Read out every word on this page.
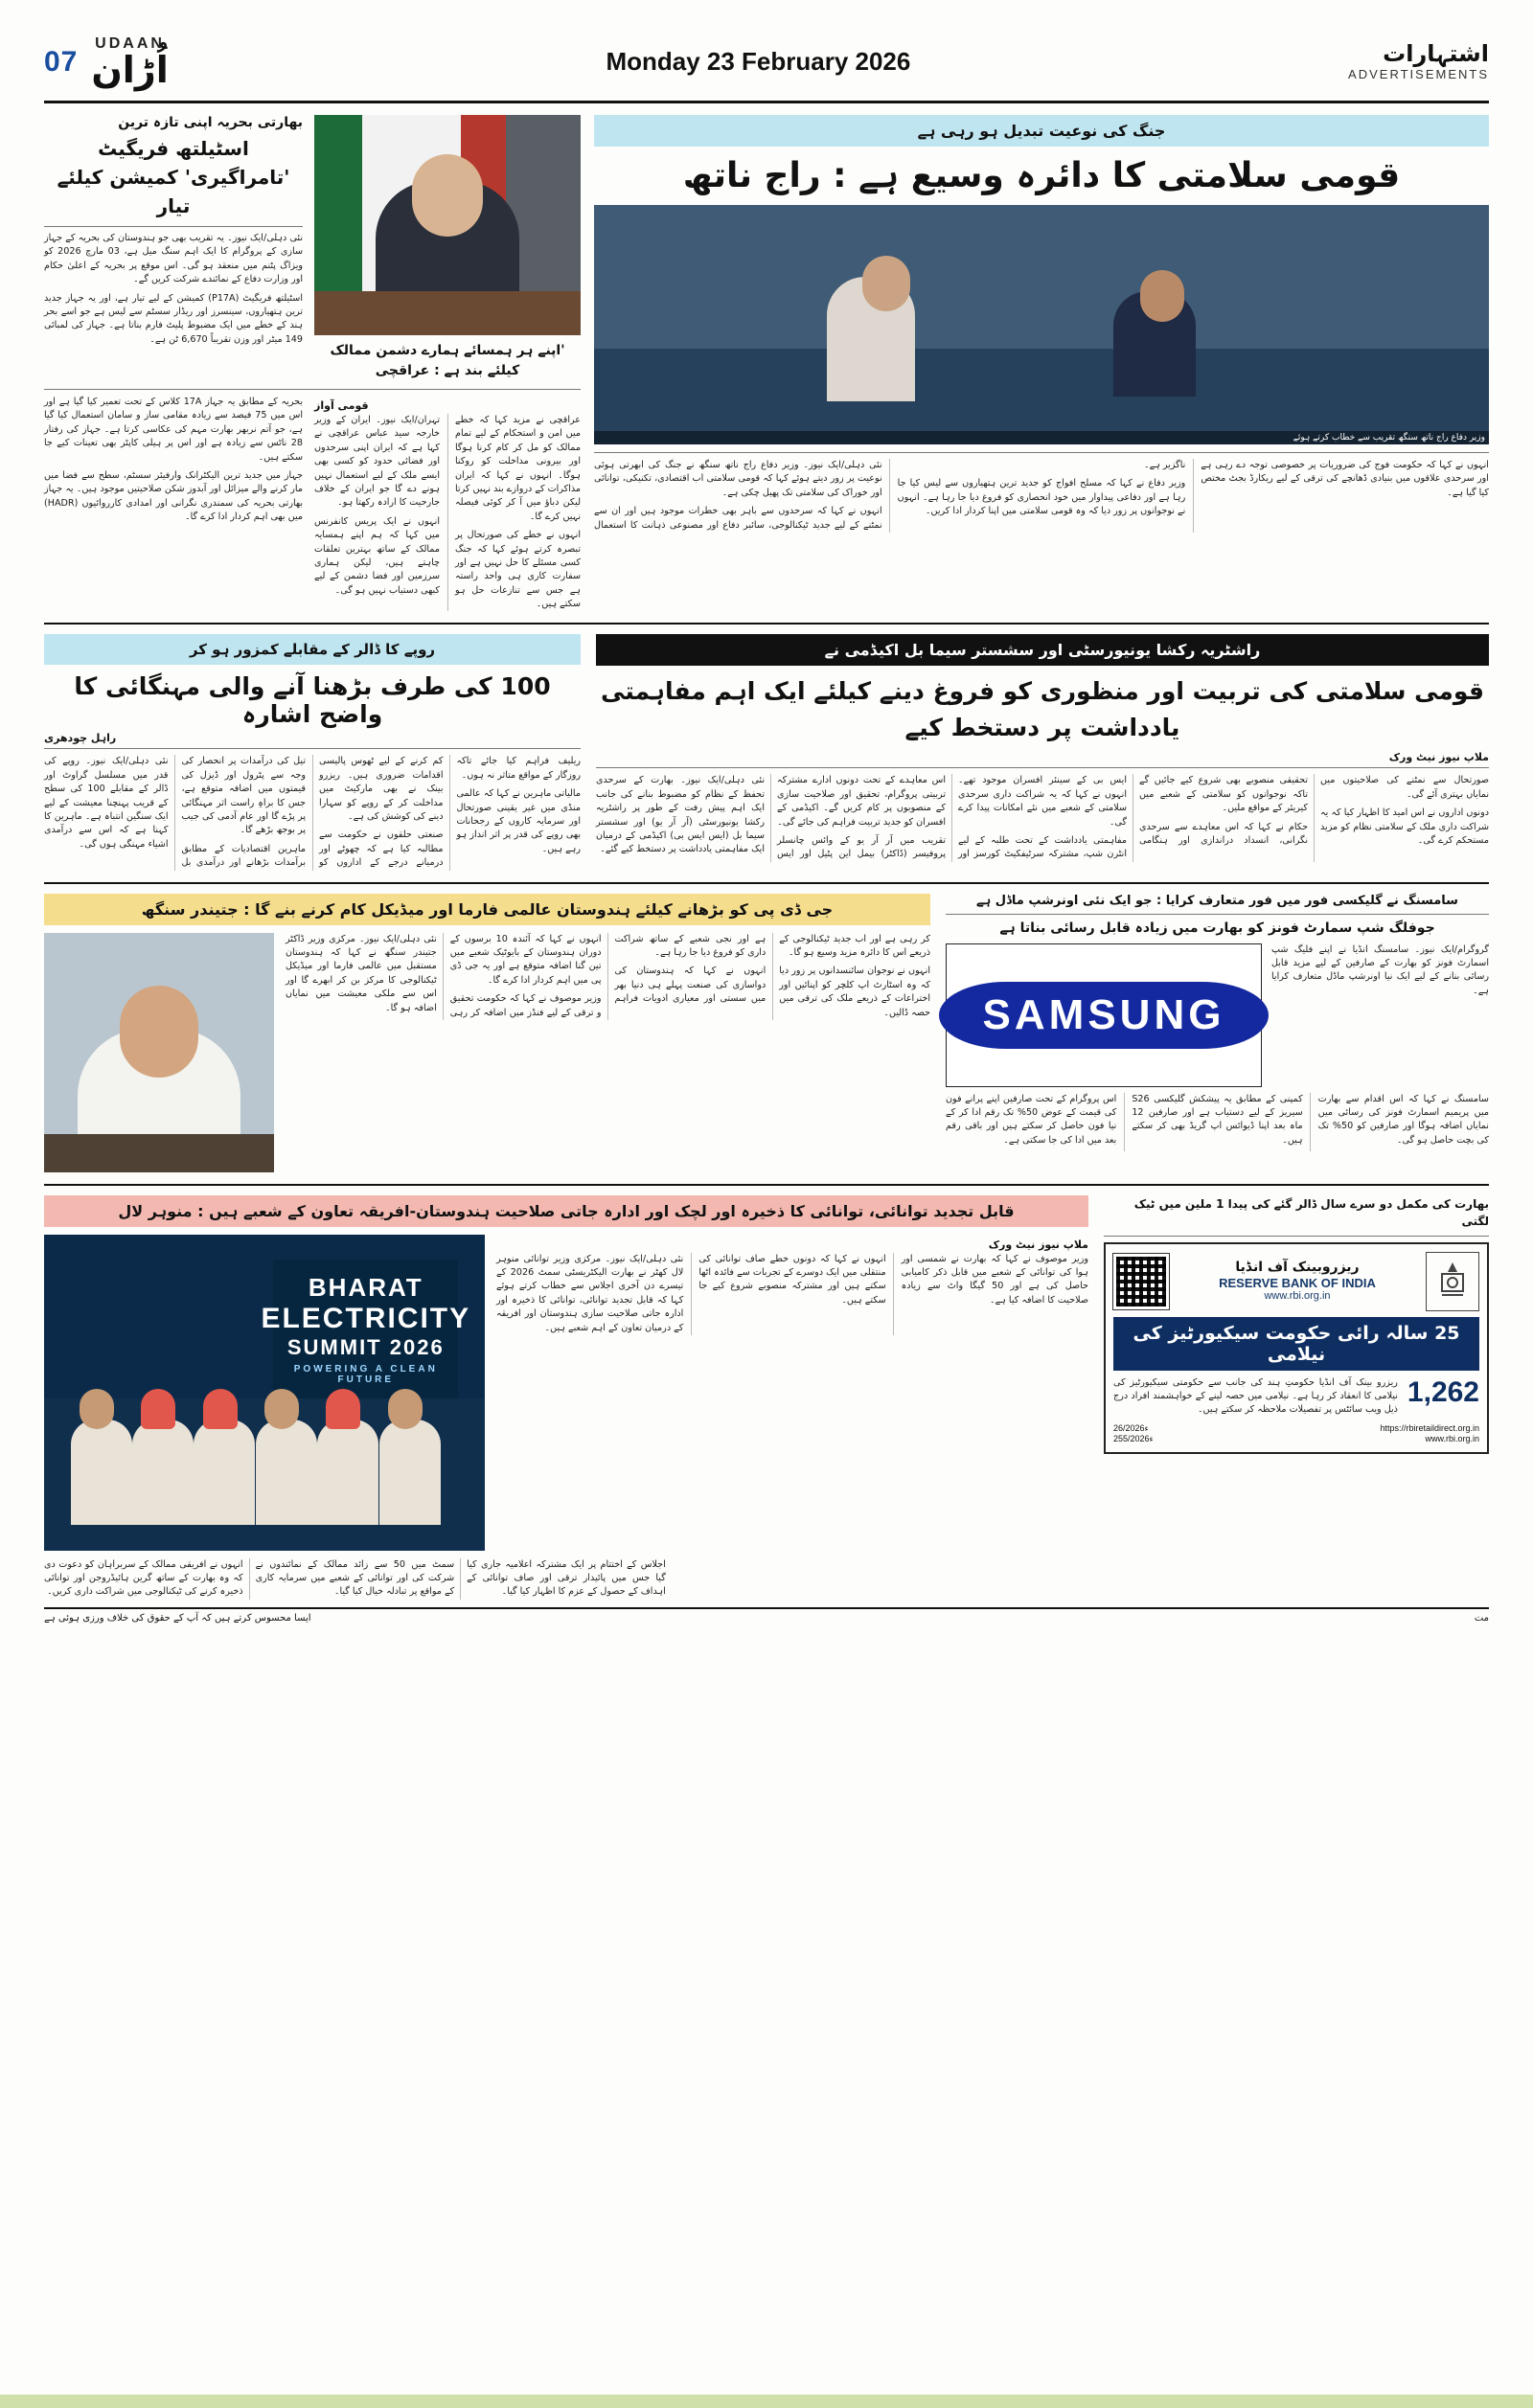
07
UDAAN
اُڑان	Monday 23 February 2026	اشتہارات
ADVERTISEMENTS
بھارتی بحریہ اپنی تازہ ترین
اسٹیلتھ فریگیٹ 'تامراگیری' کمیشن کیلئے تیار
نئی دہلی/ایک نیوز۔ یہ تقریب بھی جو ہندوستان کی بحریہ کے جہاز سازی کے پروگرام کا ایک اہم سنگ میل ہے، 03 مارچ 2026 کو ویزاگ پٹنم میں منعقد ہو گی۔ اس موقع پر بحریہ کے اعلیٰ حکام اور وزارت دفاع کے نمائندے شرکت کریں گے۔
اسٹیلتھ فریگیٹ (P17A) کمیشن کے لیے تیار ہے، اور یہ جہاز جدید ترین ہتھیاروں، سینسرز اور ریڈار سسٹم سے لیس ہے جو اسے بحر ہند کے خطے میں ایک مضبوط پلیٹ فارم بناتا ہے۔ جہاز کی لمبائی 149 میٹر اور وزن تقریباً 6,670 ٹن ہے۔
'اپنے ہر ہمسائے ہمارے دشمن ممالک کیلئے بند ہے : عراقچی
بحریہ کے مطابق یہ جہاز 17A کلاس کے تحت تعمیر کیا گیا ہے اور اس میں 75 فیصد سے زیادہ مقامی ساز و سامان استعمال کیا گیا ہے، جو آتم نربھر بھارت مہم کی عکاسی کرتا ہے۔ جہاز کی رفتار 28 ناٹس سے زیادہ ہے اور اس پر ہیلی کاپٹر بھی تعینات کیے جا سکتے ہیں۔
جہاز میں جدید ترین الیکٹرانک وارفیئر سسٹم، سطح سے فضا میں مار کرنے والے میزائل اور آبدوز شکن صلاحیتیں موجود ہیں۔ یہ جہاز بھارتی بحریہ کی سمندری نگرانی اور امدادی کارروائیوں (HADR) میں بھی اہم کردار ادا کرے گا۔
قومی آواز
تہران/ایک نیوز۔ ایران کے وزیر خارجہ سید عباس عراقچی نے کہا ہے کہ ایران اپنی سرحدوں اور فضائی حدود کو کسی بھی ایسے ملک کے لیے استعمال نہیں ہونے دے گا جو ایران کے خلاف جارحیت کا ارادہ رکھتا ہو۔
انہوں نے ایک پریس کانفرنس میں کہا کہ ہم اپنے ہمسایہ ممالک کے ساتھ بہترین تعلقات چاہتے ہیں، لیکن ہماری سرزمین اور فضا دشمن کے لیے کبھی دستیاب نہیں ہو گی۔
عراقچی نے مزید کہا کہ خطے میں امن و استحکام کے لیے تمام ممالک کو مل کر کام کرنا ہوگا اور بیرونی مداخلت کو روکنا ہوگا۔ انہوں نے کہا کہ ایران مذاکرات کے دروازے بند نہیں کرتا لیکن دباؤ میں آ کر کوئی فیصلہ نہیں کرے گا۔
انہوں نے خطے کی صورتحال پر تبصرہ کرتے ہوئے کہا کہ جنگ کسی مسئلے کا حل نہیں ہے اور سفارت کاری ہی واحد راستہ ہے جس سے تنازعات حل ہو سکتے ہیں۔
جنگ کی نوعیت تبدیل ہو رہی ہے
قومی سلامتی کا دائرہ وسیع ہے : راج ناتھ
وزیر دفاع راج ناتھ سنگھ تقریب سے خطاب کرتے ہوئے
نئی دہلی/ایک نیوز۔ وزیر دفاع راج ناتھ سنگھ نے جنگ کی ابھرتی ہوئی نوعیت پر زور دیتے ہوئے کہا کہ قومی سلامتی اب اقتصادی، تکنیکی، توانائی اور خوراک کی سلامتی تک پھیل چکی ہے۔
انہوں نے کہا کہ سرحدوں سے باہر بھی خطرات موجود ہیں اور ان سے نمٹنے کے لیے جدید ٹیکنالوجی، سائبر دفاع اور مصنوعی ذہانت کا استعمال ناگزیر ہے۔
وزیر دفاع نے کہا کہ مسلح افواج کو جدید ترین ہتھیاروں سے لیس کیا جا رہا ہے اور دفاعی پیداوار میں خود انحصاری کو فروغ دیا جا رہا ہے۔ انہوں نے نوجوانوں پر زور دیا کہ وہ قومی سلامتی میں اپنا کردار ادا کریں۔
انہوں نے کہا کہ حکومت فوج کی ضروریات پر خصوصی توجہ دے رہی ہے اور سرحدی علاقوں میں بنیادی ڈھانچے کی ترقی کے لیے ریکارڈ بجٹ مختص کیا گیا ہے۔
روپے کا ڈالر کے مقابلے کمزور ہو کر
100 کی طرف بڑھنا آنے والی مہنگائی کا واضح اشارہ
راہل چودھری
نئی دہلی/ایک نیوز۔ روپے کی قدر میں مسلسل گراوٹ اور ڈالر کے مقابلے 100 کی سطح کے قریب پہنچنا معیشت کے لیے ایک سنگین انتباہ ہے۔ ماہرین کا کہنا ہے کہ اس سے درآمدی اشیاء مہنگی ہوں گی۔
تیل کی درآمدات پر انحصار کی وجہ سے پٹرول اور ڈیزل کی قیمتوں میں اضافہ متوقع ہے، جس کا براہِ راست اثر مہنگائی پر پڑے گا اور عام آدمی کی جیب پر بوجھ بڑھے گا۔
ماہرین اقتصادیات کے مطابق برآمدات بڑھانے اور درآمدی بل کم کرنے کے لیے ٹھوس پالیسی اقدامات ضروری ہیں۔ ریزرو بینک نے بھی مارکیٹ میں مداخلت کر کے روپے کو سہارا دینے کی کوشش کی ہے۔
صنعتی حلقوں نے حکومت سے مطالبہ کیا ہے کہ چھوٹے اور درمیانے درجے کے اداروں کو ریلیف فراہم کیا جائے تاکہ روزگار کے مواقع متاثر نہ ہوں۔
مالیاتی ماہرین نے کہا کہ عالمی منڈی میں غیر یقینی صورتحال اور سرمایہ کاروں کے رجحانات بھی روپے کی قدر پر اثر انداز ہو رہے ہیں۔
راشٹریہ رکشا یونیورسٹی اور سشستر سیما بل اکیڈمی نے
قومی سلامتی کی تربیت اور منظوری کو فروغ دینے کیلئے ایک اہم مفاہمتی یادداشت پر دستخط کیے
ملاپ نیوز نیٹ ورک
نئی دہلی/ایک نیوز۔ بھارت کے سرحدی تحفظ کے نظام کو مضبوط بنانے کی جانب ایک اہم پیش رفت کے طور پر راشٹریہ رکشا یونیورسٹی (آر آر یو) اور سشستر سیما بل (ایس ایس بی) اکیڈمی کے درمیان ایک مفاہمتی یادداشت پر دستخط کیے گئے۔
اس معاہدے کے تحت دونوں ادارے مشترکہ تربیتی پروگرام، تحقیق اور صلاحیت سازی کے منصوبوں پر کام کریں گے۔ اکیڈمی کے افسران کو جدید تربیت فراہم کی جائے گی۔
تقریب میں آر آر یو کے وائس چانسلر پروفیسر (ڈاکٹر) بیمل این پٹیل اور ایس ایس بی کے سینئر افسران موجود تھے۔ انہوں نے کہا کہ یہ شراکت داری سرحدی سلامتی کے شعبے میں نئے امکانات پیدا کرے گی۔
مفاہمتی یادداشت کے تحت طلبہ کے لیے انٹرن شپ، مشترکہ سرٹیفکیٹ کورسز اور تحقیقی منصوبے بھی شروع کیے جائیں گے تاکہ نوجوانوں کو سلامتی کے شعبے میں کیریئر کے مواقع ملیں۔
حکام نے کہا کہ اس معاہدے سے سرحدی نگرانی، انسداد دراندازی اور ہنگامی صورتحال سے نمٹنے کی صلاحیتوں میں نمایاں بہتری آئے گی۔
دونوں اداروں نے اس امید کا اظہار کیا کہ یہ شراکت داری ملک کے سلامتی نظام کو مزید مستحکم کرے گی۔
جی ڈی پی کو بڑھانے کیلئے ہندوستان عالمی فارما اور میڈیکل کام کرنے بنے گا : جتیندر سنگھ
نئی دہلی/ایک نیوز۔ مرکزی وزیر ڈاکٹر جتیندر سنگھ نے کہا کہ ہندوستان مستقبل میں عالمی فارما اور میڈیکل ٹیکنالوجی کا مرکز بن کر ابھرے گا اور اس سے ملکی معیشت میں نمایاں اضافہ ہو گا۔
انہوں نے کہا کہ آئندہ 10 برسوں کے دوران ہندوستان کے بایوٹیک شعبے میں تین گنا اضافہ متوقع ہے اور یہ جی ڈی پی میں اہم کردار ادا کرے گا۔
وزیر موصوف نے کہا کہ حکومت تحقیق و ترقی کے لیے فنڈز میں اضافہ کر رہی ہے اور نجی شعبے کے ساتھ شراکت داری کو فروغ دیا جا رہا ہے۔
انہوں نے کہا کہ ہندوستان کی دواسازی کی صنعت پہلے ہی دنیا بھر میں سستی اور معیاری ادویات فراہم کر رہی ہے اور اب جدید ٹیکنالوجی کے ذریعے اس کا دائرہ مزید وسیع ہو گا۔
انہوں نے نوجوان سائنسدانوں پر زور دیا کہ وہ اسٹارٹ اپ کلچر کو اپنائیں اور اختراعات کے ذریعے ملک کی ترقی میں حصہ ڈالیں۔
سامسنگ نے گلیکسی فور میں فور متعارف کرایا : جو ایک نئی اونرشپ ماڈل ہے
جوفلگ شپ سمارٹ فونز کو بھارت میں زیادہ قابل رسائی بناتا ہے
SAMSUNG
گروگرام/ایک نیوز۔ سامسنگ انڈیا نے اپنے فلیگ شپ اسمارٹ فونز کو بھارت کے صارفین کے لیے مزید قابل رسائی بنانے کے لیے ایک نیا اونرشپ ماڈل متعارف کرایا ہے۔
اس پروگرام کے تحت صارفین اپنے پرانے فون کی قیمت کے عوض 50% تک رقم ادا کر کے نیا فون حاصل کر سکتے ہیں اور باقی رقم بعد میں ادا کی جا سکتی ہے۔
کمپنی کے مطابق یہ پیشکش گلیکسی S26 سیریز کے لیے دستیاب ہے اور صارفین 12 ماہ بعد اپنا ڈیوائس اپ گریڈ بھی کر سکتے ہیں۔
سامسنگ نے کہا کہ اس اقدام سے بھارت میں پریمیم اسمارٹ فونز کی رسائی میں نمایاں اضافہ ہوگا اور صارفین کو 50% تک کی بچت حاصل ہو گی۔
قابل تجدید توانائی، توانائی کا ذخیرہ اور لچک اور ادارہ جاتی صلاحیت ہندوستان-افریقہ تعاون کے شعبے ہیں : منوہر لال
BHARAT
ELECTRICITY
SUMMIT 2026
POWERING A CLEAN FUTURE
ملاپ نیوز نیٹ ورک
نئی دہلی/ایک نیوز۔ مرکزی وزیر توانائی منوہر لال کھٹر نے بھارت الیکٹریسٹی سمٹ 2026 کے تیسرے دن آخری اجلاس سے خطاب کرتے ہوئے کہا کہ قابل تجدید توانائی، توانائی کا ذخیرہ اور ادارہ جاتی صلاحیت سازی ہندوستان اور افریقہ کے درمیان تعاون کے اہم شعبے ہیں۔
انہوں نے کہا کہ دونوں خطے صاف توانائی کی منتقلی میں ایک دوسرے کے تجربات سے فائدہ اٹھا سکتے ہیں اور مشترکہ منصوبے شروع کیے جا سکتے ہیں۔
وزیر موصوف نے کہا کہ بھارت نے شمسی اور ہوا کی توانائی کے شعبے میں قابل ذکر کامیابی حاصل کی ہے اور 50 گیگا واٹ سے زیادہ صلاحیت کا اضافہ کیا ہے۔
انہوں نے افریقی ممالک کے سربراہان کو دعوت دی کہ وہ بھارت کے ساتھ گرین ہائیڈروجن اور توانائی ذخیرہ کرنے کی ٹیکنالوجی میں شراکت داری کریں۔
سمٹ میں 50 سے زائد ممالک کے نمائندوں نے شرکت کی اور توانائی کے شعبے میں سرمایہ کاری کے مواقع پر تبادلہ خیال کیا گیا۔
اجلاس کے اختتام پر ایک مشترکہ اعلامیہ جاری کیا گیا جس میں پائیدار ترقی اور صاف توانائی کے اہداف کے حصول کے عزم کا اظہار کیا گیا۔
بھارت کی مکمل دو سرے سال ڈالر گئے کی پیدا 1 ملین میں ٹیک لگتی
ریزروبینک آف انڈیا
RESERVE BANK OF INDIA
www.rbi.org.in
25 سالہ رائی حکومت سیکیورٹیز کی نیلامی
ریزرو بینک آف انڈیا حکومتِ ہند کی جانب سے حکومتی سیکیورٹیز کی نیلامی کا انعقاد کر رہا ہے۔ نیلامی میں حصہ لینے کے خواہشمند افراد درج ذیل ویب سائٹس پر تفصیلات ملاحظہ کر سکتے ہیں۔
1,262
26/2026ء	https://rbiretaildirect.org.in
255/2026ء	www.rbi.org.in
مت
ایسا محسوس کرتے ہیں کہ آپ کے حقوق کی خلاف ورزی ہوئی ہے
